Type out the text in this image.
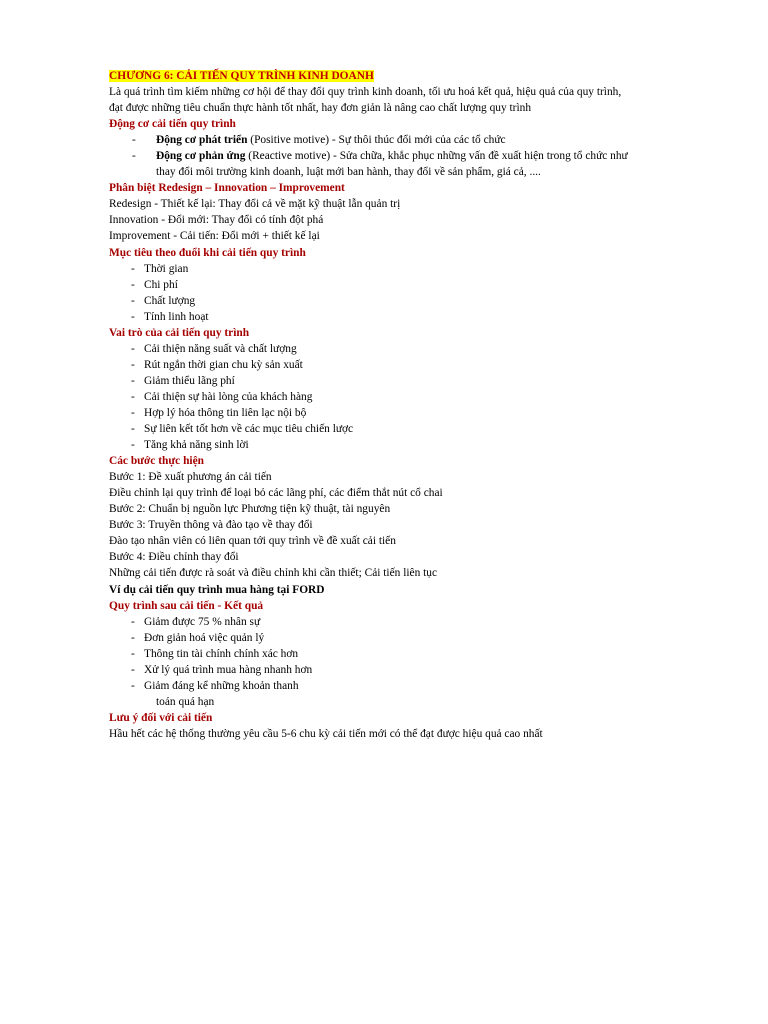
CHƯƠNG 6: CẢI TIẾN QUY TRÌNH KINH DOANH
Là quá trình tìm kiếm những cơ hội để thay đổi quy trình kinh doanh, tối ưu hoá kết quả, hiệu quả của quy trình,
đạt được những tiêu chuẩn thực hành tốt nhất, hay đơn giản là nâng cao chất lượng quy trình
Động cơ cải tiến quy trình
- Động cơ phát triển (Positive motive) - Sự thôi thúc đổi mới của các tổ chức
- Động cơ phản ứng (Reactive motive) - Sửa chữa, khắc phục những vấn đề xuất hiện trong tổ chức như
thay đổi môi trường kinh doanh, luật mới ban hành, thay đổi về sản phẩm, giá cả, ....
Phân biệt Redesign – Innovation – Improvement
Redesign - Thiết kế lại: Thay đổi cả về mặt kỹ thuật lẫn quản trị
Innovation - Đổi mới: Thay đổi có tính đột phá
Improvement - Cải tiến: Đổi mới + thiết kế lại
Mục tiêu theo đuổi khi cải tiến quy trình
- Thời gian
- Chi phí
- Chất lượng
- Tính linh hoạt
Vai trò của cải tiến quy trình
- Cải thiện năng suất và chất lượng
- Rút ngắn thời gian chu kỳ sản xuất
- Giảm thiểu lãng phí
- Cải thiện sự hài lòng của khách hàng
- Hợp lý hóa thông tin liên lạc nội bộ
- Sự liên kết tốt hơn về các mục tiêu chiến lược
- Tăng khả năng sinh lời
Các bước thực hiện
Bước 1: Đề xuất phương án cải tiến
Điều chỉnh lại quy trình để loại bỏ các lãng phí, các điểm thắt nút cổ chai
Bước 2: Chuẩn bị nguồn lực Phương tiện kỹ thuật, tài nguyên
Bước 3: Truyền thông và đào tạo về thay đổi
Đào tạo nhân viên có liên quan tới quy trình về đề xuất cải tiến
Bước 4: Điều chỉnh thay đổi
Những cải tiến được rà soát và điều chỉnh khi cần thiết; Cải tiến liên tục
Ví dụ cải tiến quy trình mua hàng tại FORD
Quy trình sau cải tiến - Kết quả
- Giảm được 75 % nhân sự
- Đơn giản hoá việc quản lý
- Thông tin tài chính chính xác hơn
- Xử lý quá trình mua hàng nhanh hơn
- Giảm đáng kể những khoản thanh
toán quá hạn
Lưu ý đối với cải tiến
Hầu hết các hệ thống thường yêu cầu 5-6 chu kỳ cải tiến mới có thể đạt được hiệu quả cao nhất
